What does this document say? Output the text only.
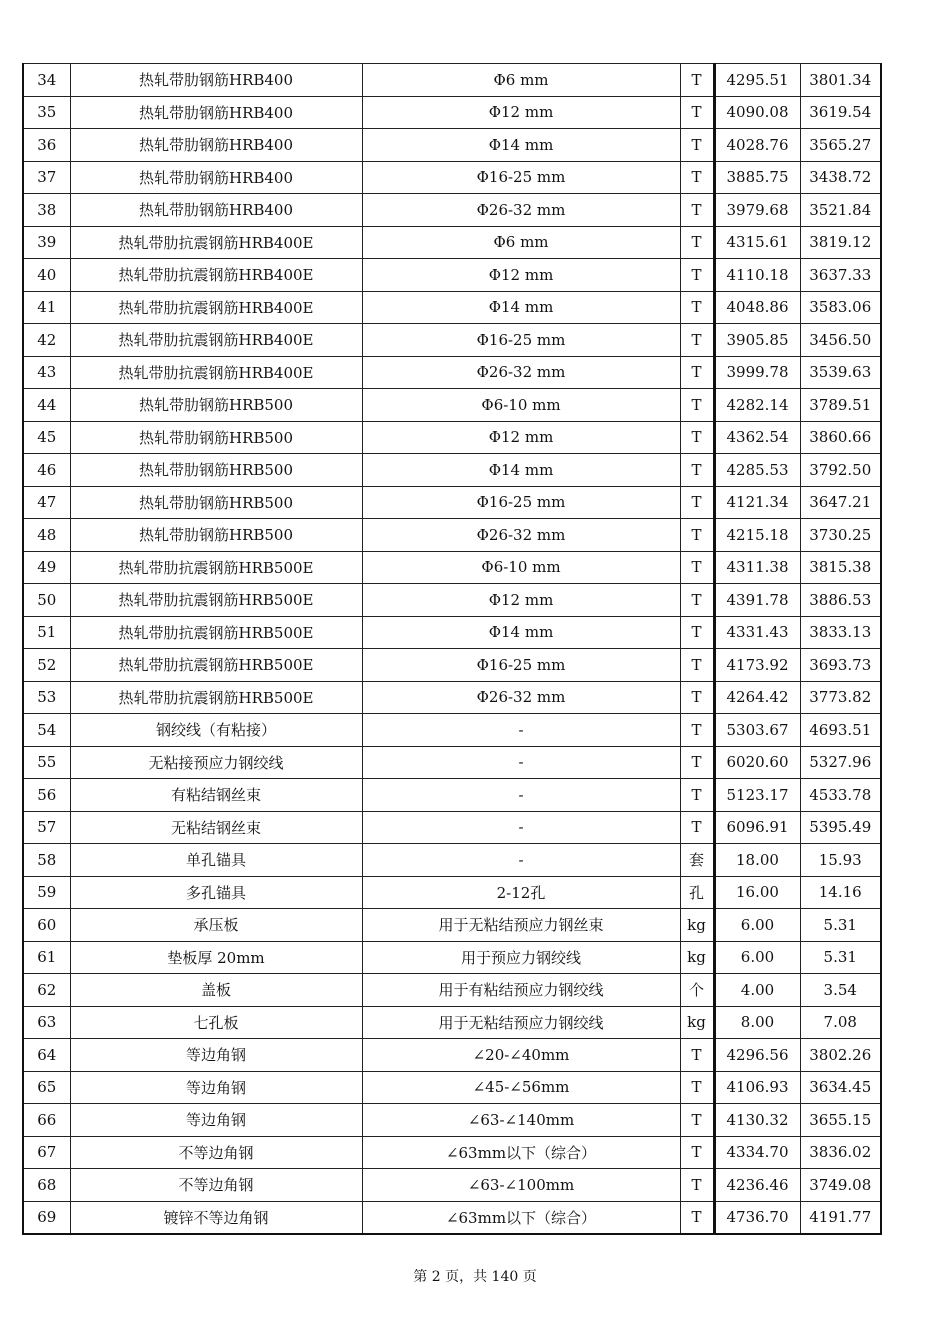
34	热轧带肋钢筋HRB400	Φ6 mm	T	4295.51	3801.34
35	热轧带肋钢筋HRB400	Φ12 mm	T	4090.08	3619.54
36	热轧带肋钢筋HRB400	Φ14 mm	T	4028.76	3565.27
37	热轧带肋钢筋HRB400	Φ16-25 mm	T	3885.75	3438.72
38	热轧带肋钢筋HRB400	Φ26-32 mm	T	3979.68	3521.84
39	热轧带肋抗震钢筋HRB400E	Φ6 mm	T	4315.61	3819.12
40	热轧带肋抗震钢筋HRB400E	Φ12 mm	T	4110.18	3637.33
41	热轧带肋抗震钢筋HRB400E	Φ14 mm	T	4048.86	3583.06
42	热轧带肋抗震钢筋HRB400E	Φ16-25 mm	T	3905.85	3456.50
43	热轧带肋抗震钢筋HRB400E	Φ26-32 mm	T	3999.78	3539.63
44	热轧带肋钢筋HRB500	Φ6-10 mm	T	4282.14	3789.51
45	热轧带肋钢筋HRB500	Φ12 mm	T	4362.54	3860.66
46	热轧带肋钢筋HRB500	Φ14 mm	T	4285.53	3792.50
47	热轧带肋钢筋HRB500	Φ16-25 mm	T	4121.34	3647.21
48	热轧带肋钢筋HRB500	Φ26-32 mm	T	4215.18	3730.25
49	热轧带肋抗震钢筋HRB500E	Φ6-10 mm	T	4311.38	3815.38
50	热轧带肋抗震钢筋HRB500E	Φ12 mm	T	4391.78	3886.53
51	热轧带肋抗震钢筋HRB500E	Φ14 mm	T	4331.43	3833.13
52	热轧带肋抗震钢筋HRB500E	Φ16-25 mm	T	4173.92	3693.73
53	热轧带肋抗震钢筋HRB500E	Φ26-32 mm	T	4264.42	3773.82
54	钢绞线（有粘接）	-	T	5303.67	4693.51
55	无粘接预应力钢绞线	-	T	6020.60	5327.96
56	有粘结钢丝束	-	T	5123.17	4533.78
57	无粘结钢丝束	-	T	6096.91	5395.49
58	单孔锚具	-	套	18.00	15.93
59	多孔锚具	2-12孔	孔	16.00	14.16
60	承压板	用于无粘结预应力钢丝束	kg	6.00	5.31
61	垫板厚 20mm	用于预应力钢绞线	kg	6.00	5.31
62	盖板	用于有粘结预应力钢绞线	个	4.00	3.54
63	七孔板	用于无粘结预应力钢绞线	kg	8.00	7.08
64	等边角钢	∠20-∠40mm	T	4296.56	3802.26
65	等边角钢	∠45-∠56mm	T	4106.93	3634.45
66	等边角钢	∠63-∠140mm	T	4130.32	3655.15
67	不等边角钢	∠63mm以下（综合）	T	4334.70	3836.02
68	不等边角钢	∠63-∠100mm	T	4236.46	3749.08
69	镀锌不等边角钢	∠63mm以下（综合）	T	4736.70	4191.77
第 2 页，共 140 页
